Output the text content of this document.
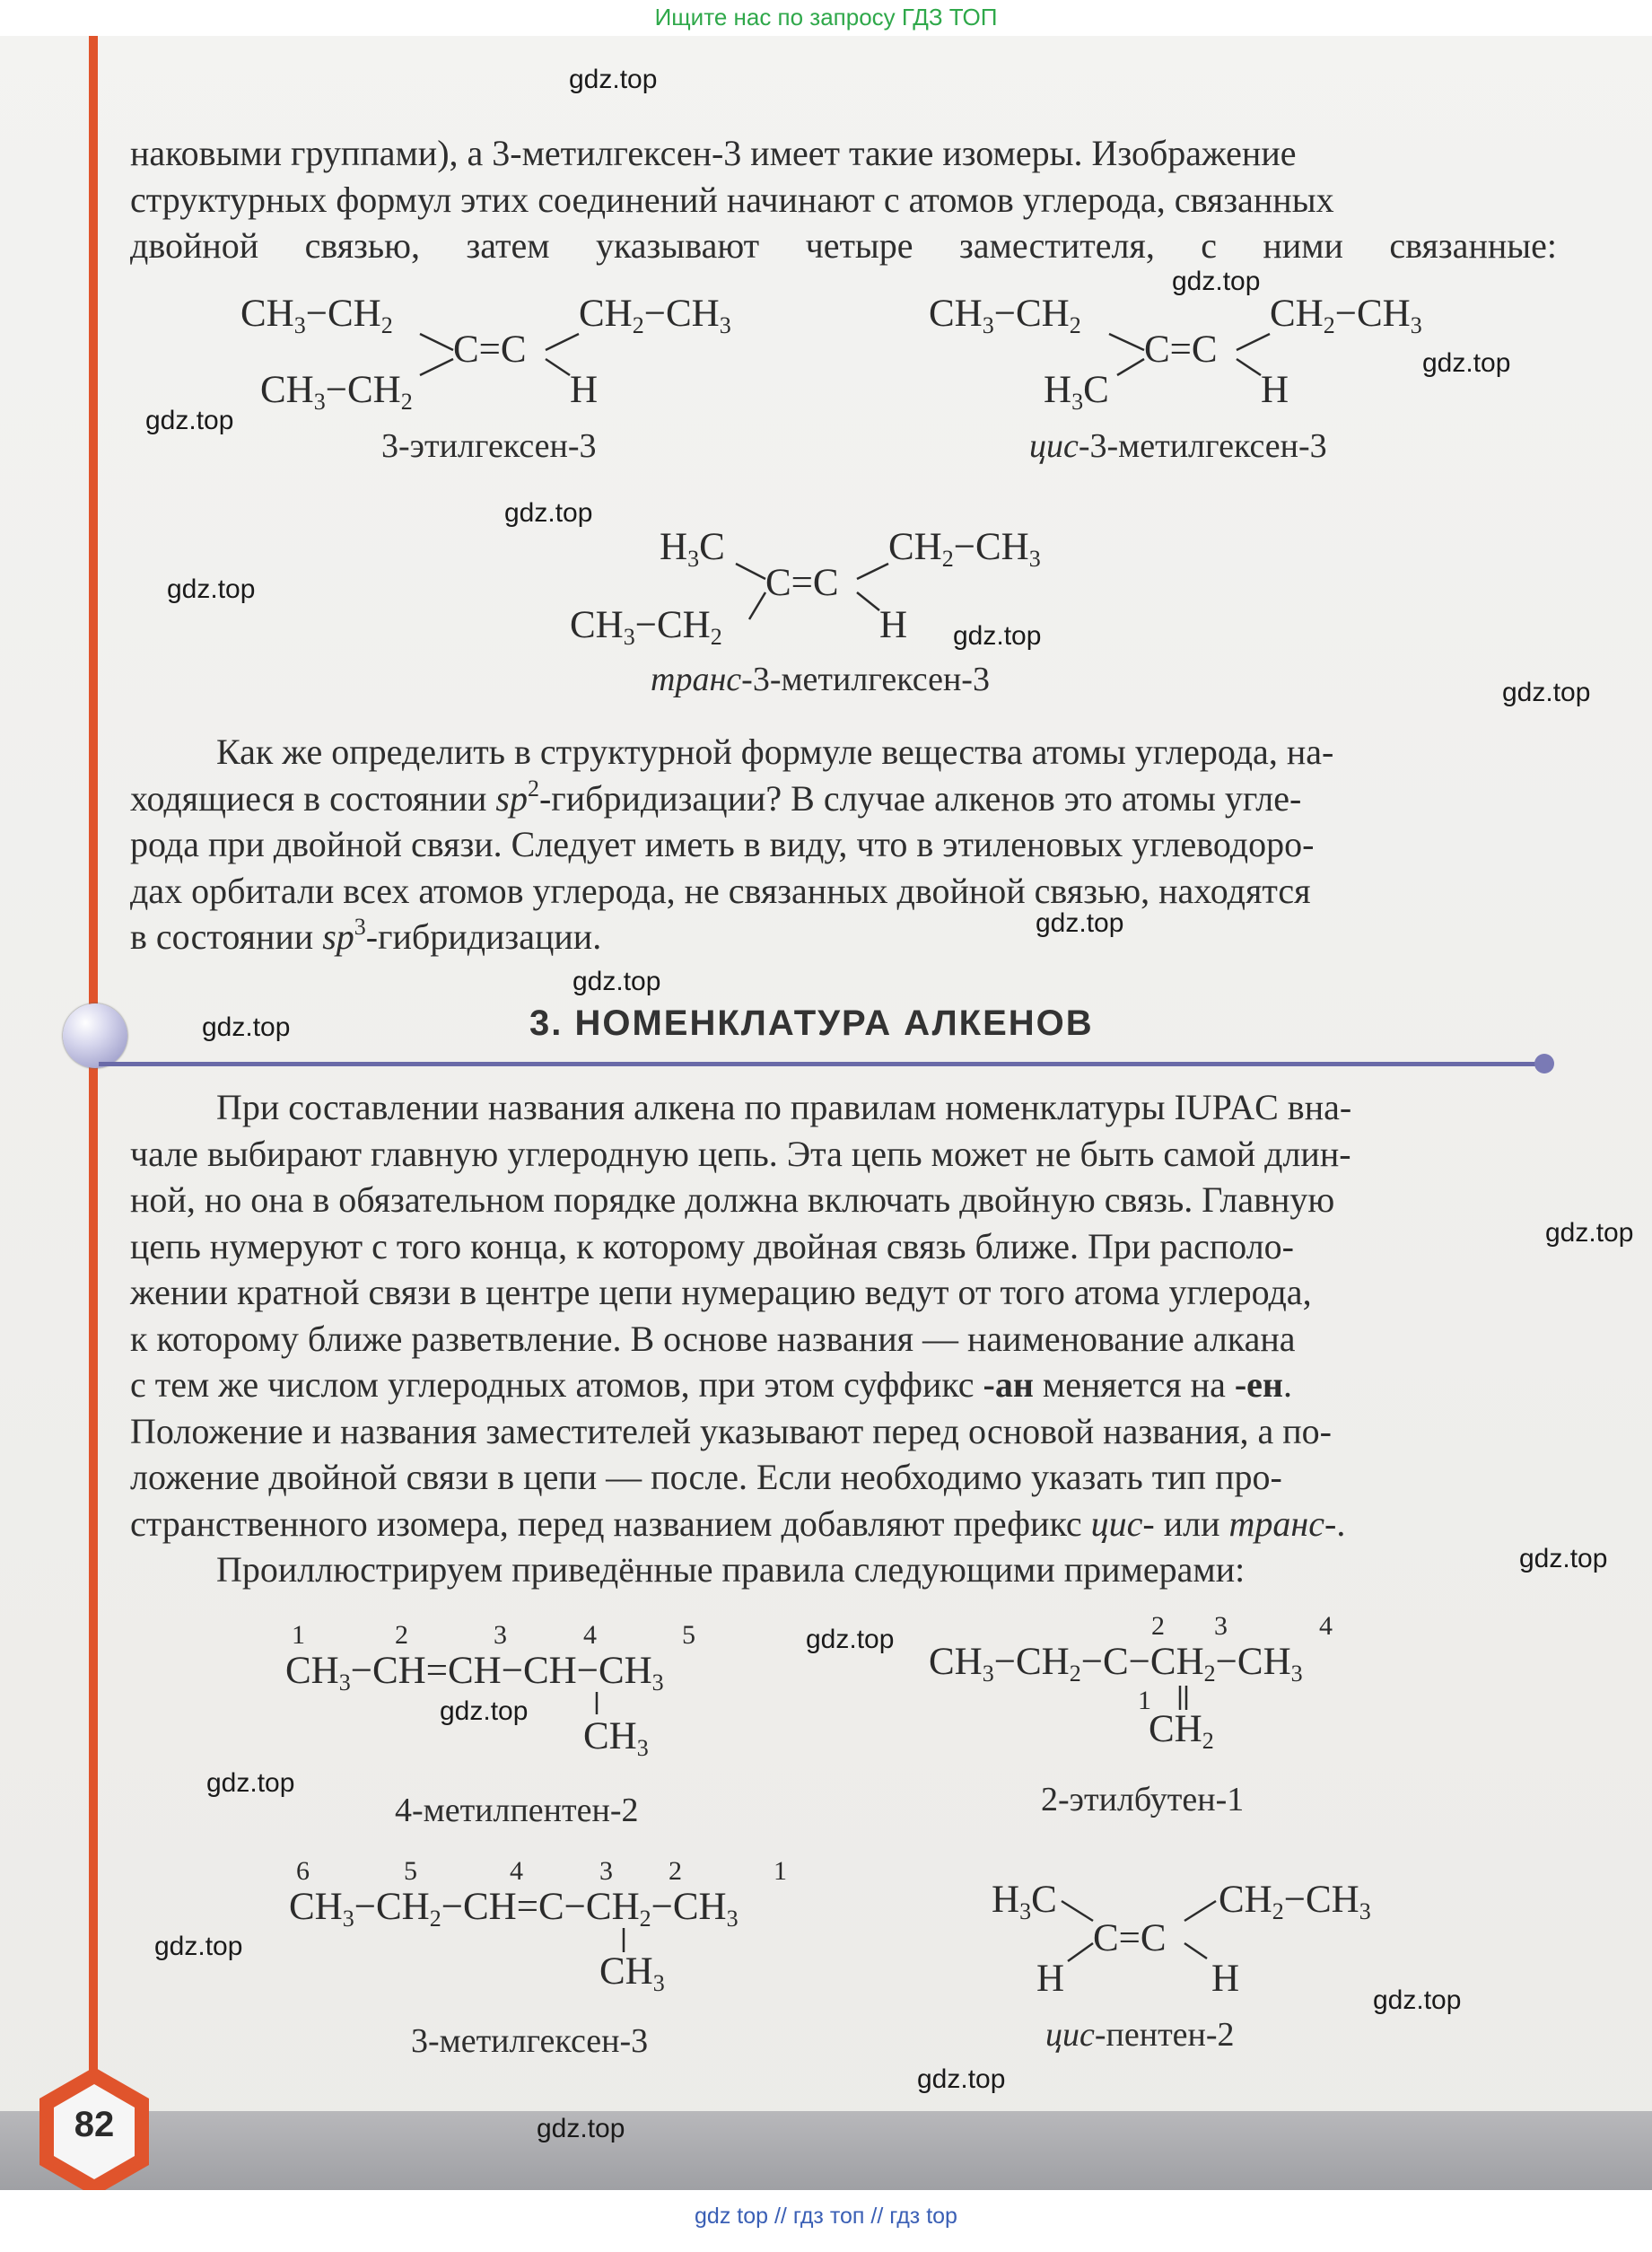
Ищите нас по запросу ГДЗ ТОП
82

наковыми группами), а 3-метилгексен-3 имеет такие изомеры. Изображение

структурных формул этих соединений начинают с атомов углерода, связанных

двойной связью, затем указывают четыре заместителя, с ними связанные:

$CH_3-CH_2$
C=C
$CH_2-CH_3$
$CH_3-CH_2$	H
3-этилгексен-3
$CH_3-CH_2$
C=C
$CH_2-CH_3$
$H_3C$	H
цис-3-метилгексен-3
$H_3C$
C=C
$CH_2-CH_3$
$CH_3-CH_2$	H
транс-3-метилгексен-3

Как же определить в структурной формуле вещества атомы углерода, на-

ходящиеся в состоянии $sp^2$-гибридизации? В случае алкенов это атомы угле-

рода при двойной связи. Следует иметь в виду, что в этиленовых углеводоро-

дах орбитали всех атомов углерода, не связанных двойной связью, находятся

в состоянии $sp^3$-гибридизации.

3. НОМЕНКЛАТУРА АЛКЕНОВ

При составлении названия алкена по правилам номенклатуры IUPAC вна-

чале выбирают главную углеродную цепь. Эта цепь может не быть самой длин-

ной, но она в обязательном порядке должна включать двойную связь. Главную

цепь нумеруют с того конца, к которому двойная связь ближе. При располо-

жении кратной связи в центре цепи нумерацию ведут от того атома углерода,

к которому ближе разветвление. В основе названия — наименование алкана

с тем же числом углеродных атомов, при этом суффикс -ан меняется на -ен.

Положение и названия заместителей указывают перед основой названия, а по-

ложение двойной связи в цепи — после. Если необходимо указать тип про-

странственного изомера, перед названием добавляют префикс цис- или транс-.

Проиллюстрируем приведённые правила следующими примерами:

1	2	3	4	5
$CH_3-CH=CH-CH-CH_3$
$CH_3$
4-метилпентен-2
2 3	4
$CH_3-CH_2-C-CH_2-CH_3$
1
$CH_2$
2-этилбутен-1
6	5	4	3 2	1
$CH_3-CH_2-CH=C-CH_2-CH_3$
$CH_3$
3-метилгексен-3
$H_3C$
C=C
$CH_2-CH_3$
H	H
цис-пентен-2
gdz.top
gdz.top
gdz.top
gdz.top
gdz.top
gdz.top
gdz.top
gdz.top
gdz.top
gdz.top
gdz.top
gdz.top
gdz.top
gdz.top
gdz.top
gdz.top
gdz.top
gdz.top
gdz.top
gdz.top
gdz top // гдз топ // гдз top
